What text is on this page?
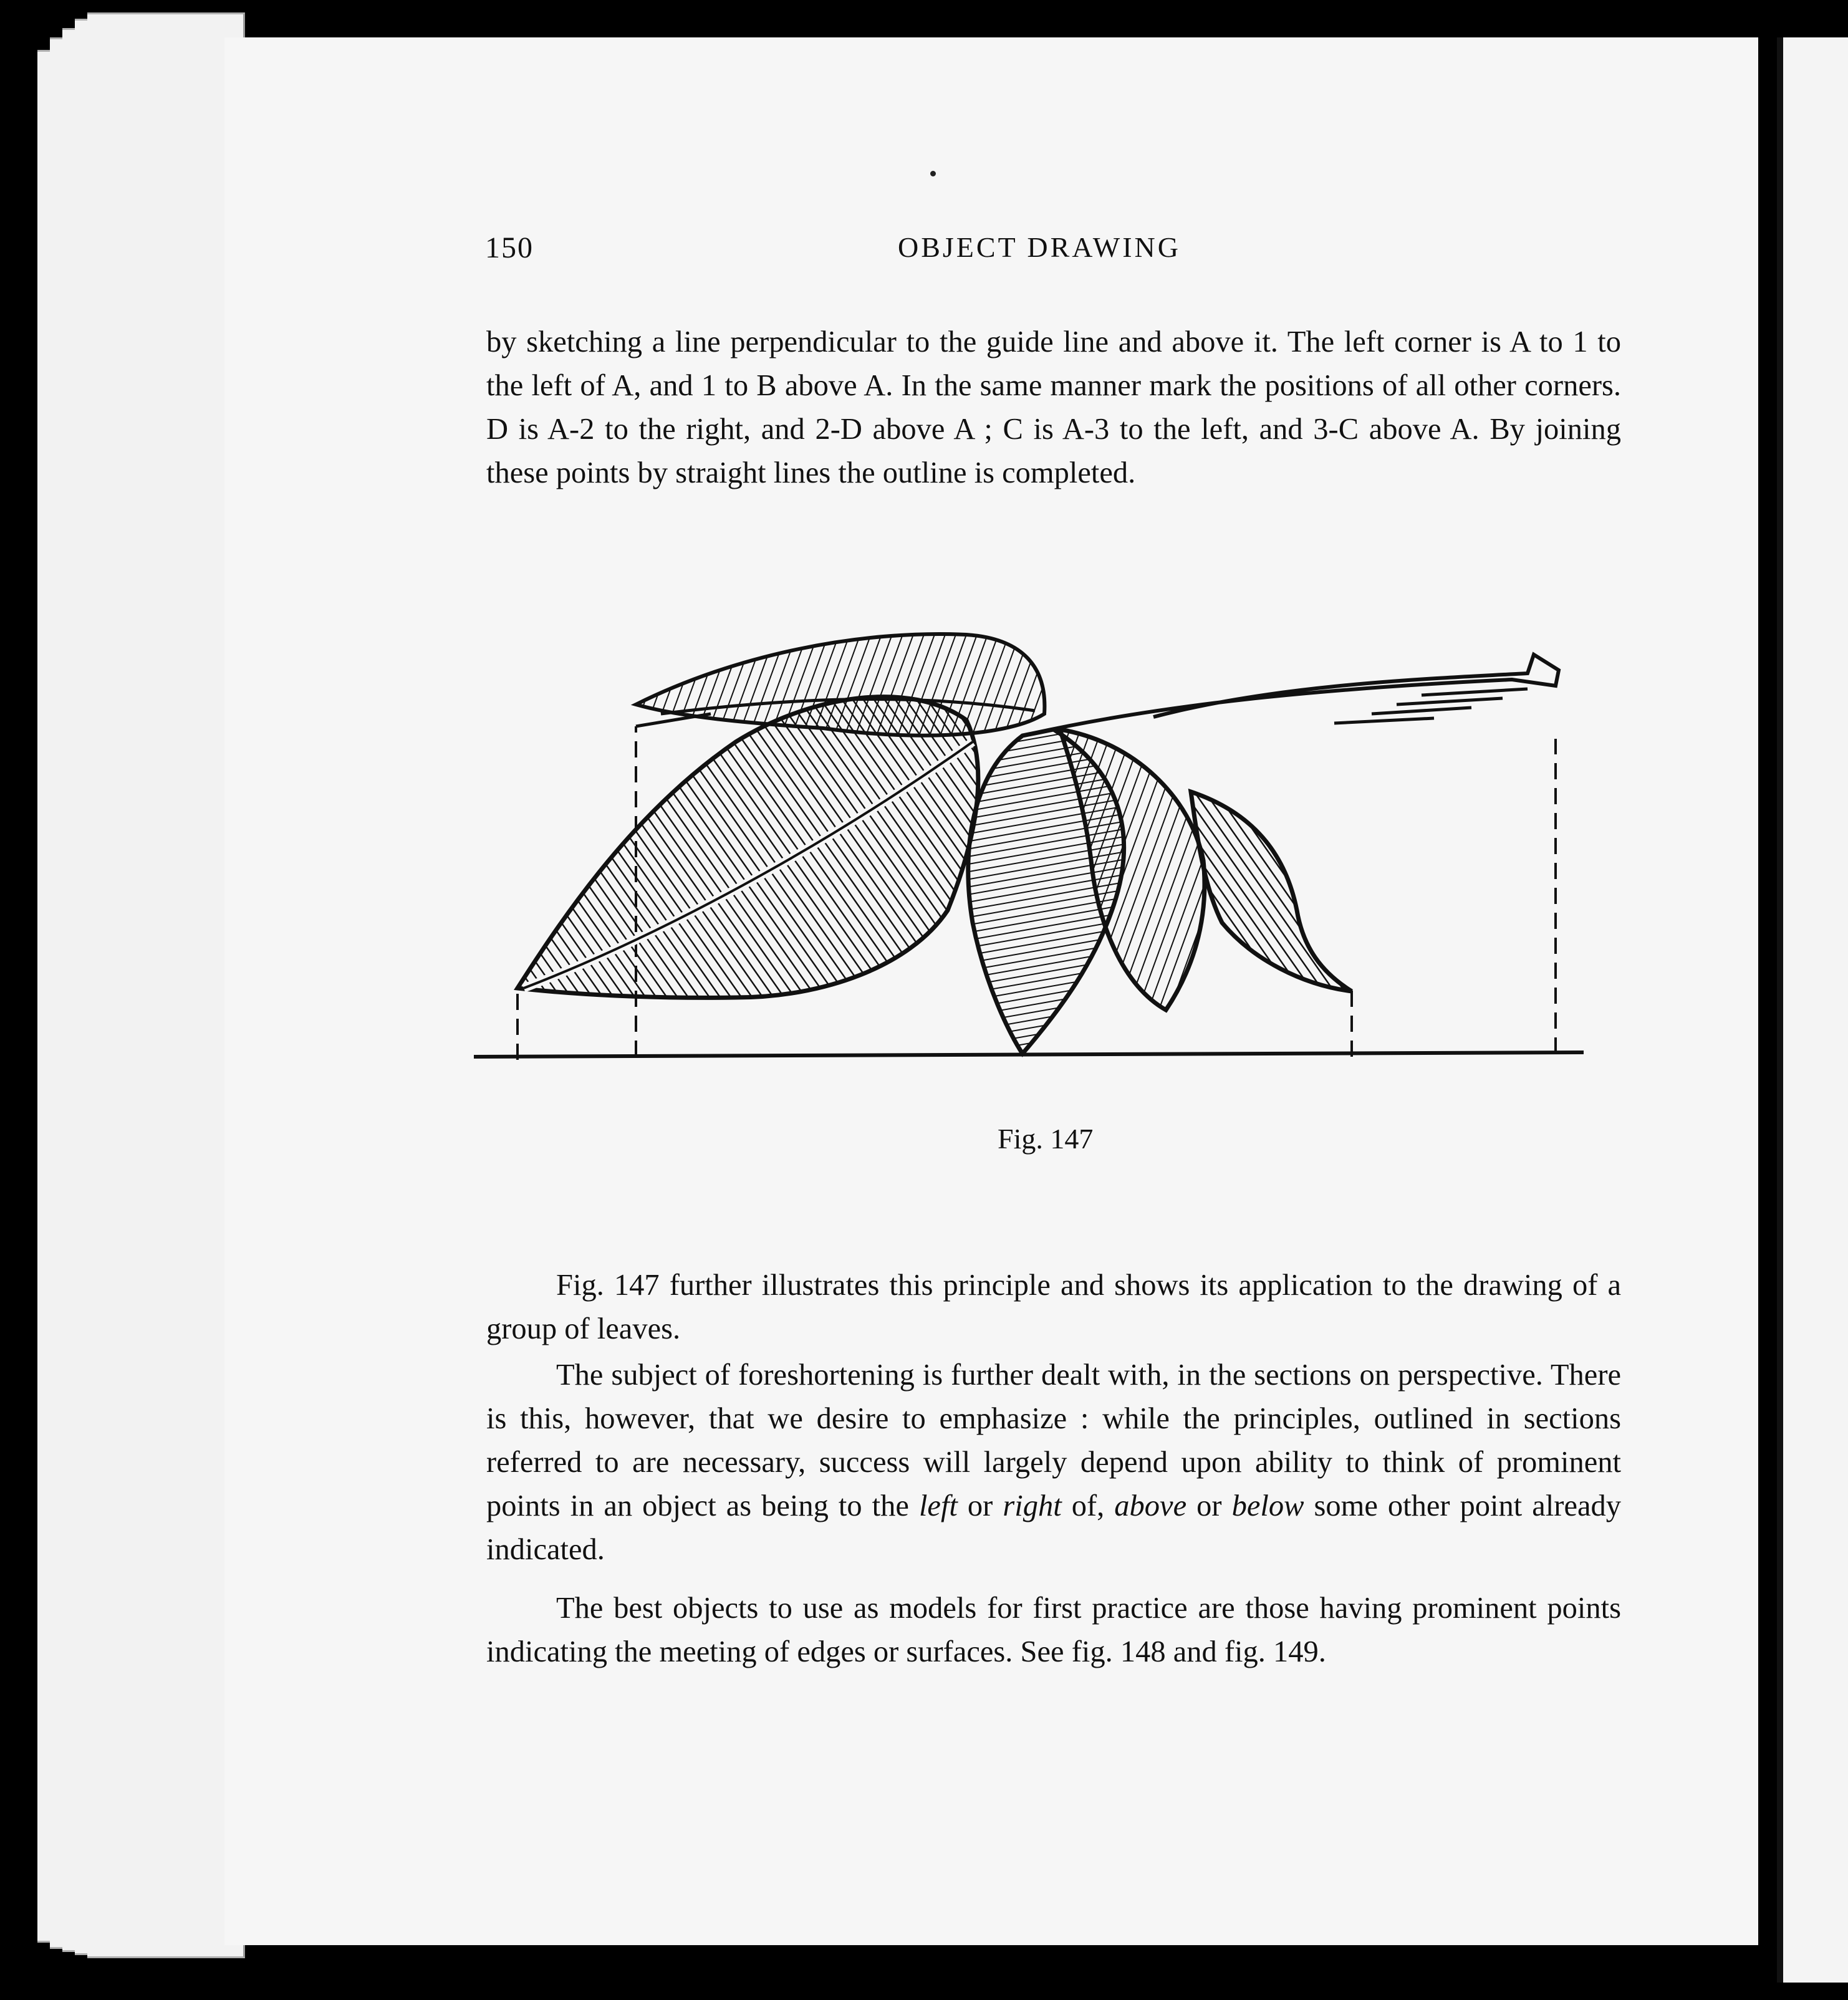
150	OBJECT DRAWING

by sketching a line perpendicular to the guide line and above it. The left corner is A to 1 to the left of A, and 1 to B above A. In the same manner mark the positions of all other corners. D is A-2 to the right, and 2-D above A ; C is A-3 to the left, and 3-C above A. By joining these points by straight lines the outline is completed.

Fig. 147

Fig. 147 further illustrates this principle and shows its application to the drawing of a group of leaves.

The subject of foreshortening is further dealt with, in the sections on perspective. There is this, however, that we desire to emphasize : while the principles, outlined in sections referred to are necessary, success will largely depend upon ability to think of prominent points in an object as being to the left or right of, above or below some other point already indicated.

The best objects to use as models for first practice are those having prominent points indicating the meeting of edges or surfaces. See fig. 148 and fig. 149.
